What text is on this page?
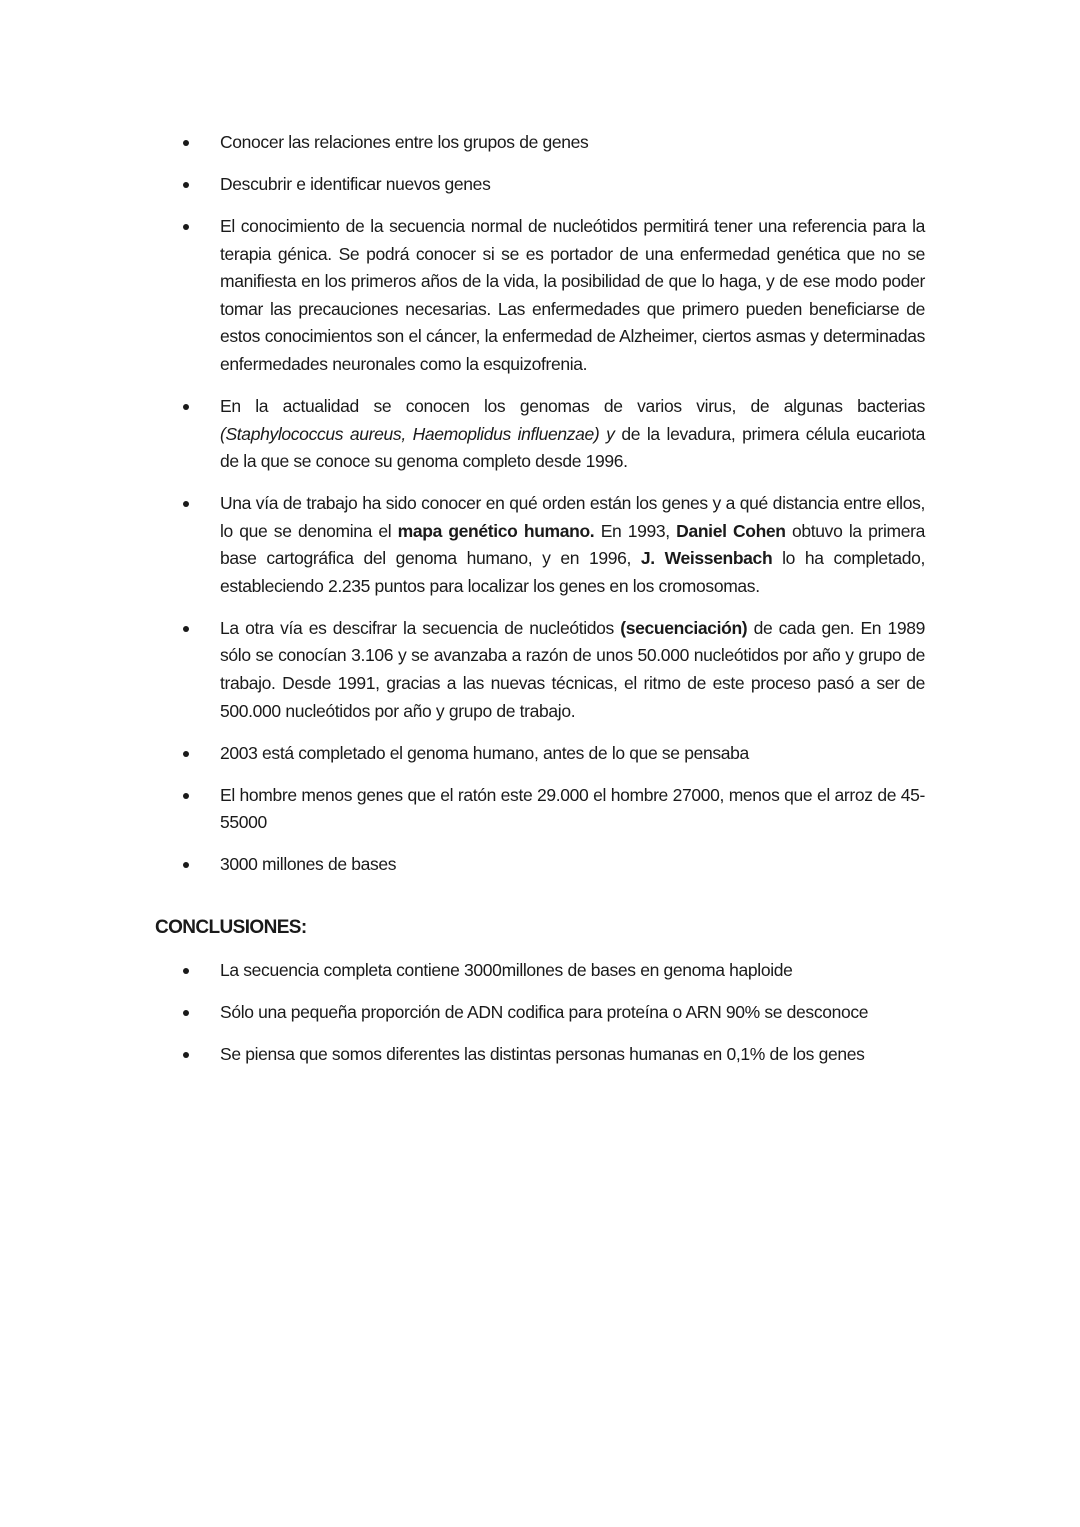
Conocer las relaciones entre los grupos de genes
Descubrir e identificar nuevos genes
El conocimiento de la secuencia normal de nucleótidos permitirá tener una referencia para la terapia génica. Se podrá conocer si se es portador de una enfermedad genética que no se manifiesta en los primeros años de la vida, la posibilidad de que lo haga, y de ese modo poder tomar las precauciones necesarias. Las enfermedades que primero pueden beneficiarse de estos conocimientos son el cáncer, la enfermedad de Alzheimer, ciertos asmas y determinadas enfermedades neuronales como la esquizofrenia.
En la actualidad se conocen los genomas de varios virus, de algunas bacterias (Staphylococcus aureus, Haemoplidus influenzae) y de la levadura, primera célula eucariota de la que se conoce su genoma completo desde 1996.
Una vía de trabajo ha sido conocer en qué orden están los genes y a qué distancia entre ellos, lo que se denomina el mapa genético humano. En 1993, Daniel Cohen obtuvo la primera base cartográfica del genoma humano, y en 1996, J. Weissenbach lo ha completado, estableciendo 2.235 puntos para localizar los genes en los cromosomas.
La otra vía es descifrar la secuencia de nucleótidos (secuenciación) de cada gen. En 1989 sólo se conocían 3.106 y se avanzaba a razón de unos 50.000 nucleótidos por año y grupo de trabajo. Desde 1991, gracias a las nuevas técnicas, el ritmo de este proceso pasó a ser de 500.000 nucleótidos por año y grupo de trabajo.
2003 está completado el genoma humano, antes de lo que se pensaba
El hombre menos genes que el ratón este 29.000 el hombre 27000, menos que el arroz de 45-55000
3000 millones de bases
CONCLUSIONES:
La secuencia completa contiene 3000millones de bases en genoma haploide
Sólo una pequeña proporción de ADN codifica para proteína o ARN 90% se desconoce
Se piensa que somos diferentes las distintas personas humanas en 0,1% de los genes
